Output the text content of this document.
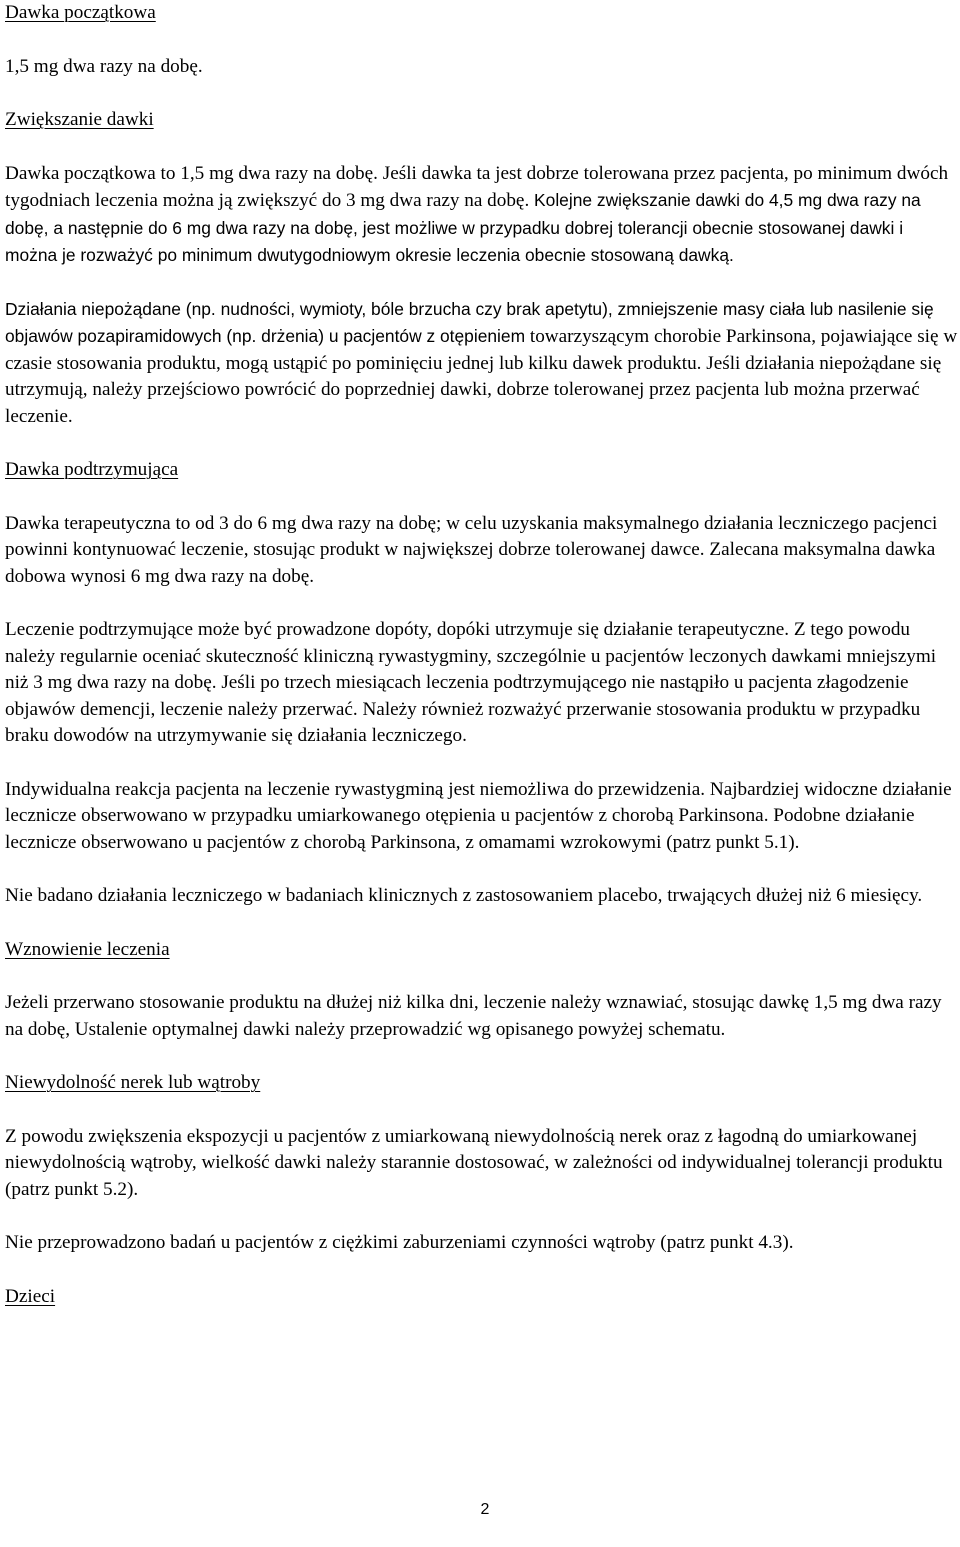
Dawka początkowa

1,5 mg dwa razy na dobę.

Zwiększanie dawki

Dawka początkowa to 1,5 mg dwa razy na dobę. Jeśli dawka ta jest dobrze tolerowana przez pacjenta, po minimum dwóch tygodniach leczenia można ją zwiększyć do 3 mg dwa razy na dobę. Kolejne zwiększanie dawki do 4,5 mg dwa razy na dobę, a następnie do 6 mg dwa razy na dobę, jest możliwe w przypadku dobrej tolerancji obecnie stosowanej dawki i można je rozważyć po minimum dwutygodniowym okresie leczenia obecnie stosowaną dawką.

Działania niepożądane (np. nudności, wymioty, bóle brzucha czy brak apetytu), zmniejszenie masy ciała lub nasilenie się objawów pozapiramidowych (np. drżenia) u pacjentów z otępieniem towarzyszącym chorobie Parkinsona, pojawiające się w czasie stosowania produktu, mogą ustąpić po pominięciu jednej lub kilku dawek produktu. Jeśli działania niepożądane się utrzymują, należy przejściowo powrócić do poprzedniej dawki, dobrze tolerowanej przez pacjenta lub można przerwać leczenie.

Dawka podtrzymująca

Dawka terapeutyczna to od 3 do 6 mg dwa razy na dobę; w celu uzyskania maksymalnego działania leczniczego pacjenci powinni kontynuować leczenie, stosując produkt w największej dobrze tolerowanej dawce. Zalecana maksymalna dawka dobowa wynosi 6 mg dwa razy na dobę.

Leczenie podtrzymujące może być prowadzone dopóty, dopóki utrzymuje się działanie terapeutyczne. Z tego powodu należy regularnie oceniać skuteczność kliniczną rywastygminy, szczególnie u pacjentów leczonych dawkami mniejszymi niż 3 mg dwa razy na dobę. Jeśli po trzech miesiącach leczenia podtrzymującego nie nastąpiło u pacjenta złagodzenie objawów demencji, leczenie należy przerwać. Należy również rozważyć przerwanie stosowania produktu w przypadku braku dowodów na utrzymywanie się działania leczniczego.

Indywidualna reakcja pacjenta na leczenie rywastygminą jest niemożliwa do przewidzenia. Najbardziej widoczne działanie lecznicze obserwowano w przypadku umiarkowanego otępienia u pacjentów z chorobą Parkinsona. Podobne działanie lecznicze obserwowano u pacjentów z chorobą Parkinsona, z omamami wzrokowymi (patrz punkt 5.1).

Nie badano działania leczniczego w badaniach klinicznych z zastosowaniem placebo, trwających dłużej niż 6 miesięcy.

Wznowienie leczenia

Jeżeli przerwano stosowanie produktu na dłużej niż kilka dni, leczenie należy wznawiać, stosując dawkę 1,5 mg dwa razy na dobę, Ustalenie optymalnej dawki należy przeprowadzić wg opisanego powyżej schematu.

Niewydolność nerek lub wątroby

Z powodu zwiększenia ekspozycji u pacjentów z umiarkowaną niewydolnością nerek oraz z łagodną do umiarkowanej niewydolnością wątroby, wielkość dawki należy starannie dostosować, w zależności od indywidualnej tolerancji produktu (patrz punkt 5.2).

Nie przeprowadzono badań u pacjentów z ciężkimi zaburzeniami czynności wątroby (patrz punkt 4.3).

Dzieci
2
